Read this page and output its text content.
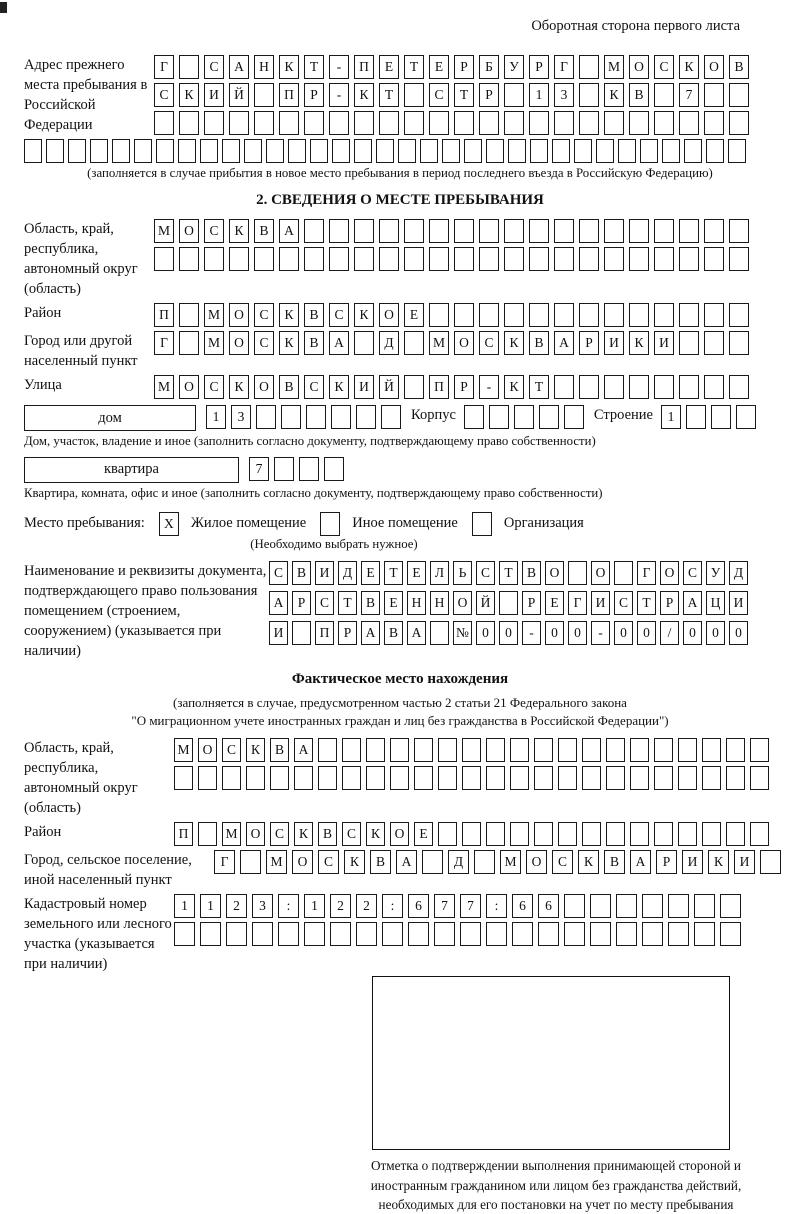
Оборотная сторона первого листа
Адрес прежнего места пребывания в Российской Федерации
Г	С	А	Н	К	Т	-	П	Е	Т	Е	Р	Б	У	Р	Г	М	О	С	К	О	В
С	К	И	Й	П	Р	-	К	Т	С	Т	Р	1	3	К	В	7
(заполняется в случае прибытия в новое место пребывания в период последнего въезда в Российскую Федерацию)
2. СВЕДЕНИЯ О МЕСТЕ ПРЕБЫВАНИЯ
Область, край, республика, автономный округ (область)
М	О	С	К	В	А
Район	П	М	О	С	К	В	С	К	О	Е
Город или другой населенный пункт
Г	М	О	С	К	В	А	Д	М	О	С	К	В	А	Р	И	К	И
Улица	М	О	С	К	О	В	С	К	И	Й	П	Р	-	К	Т
дом	1	3	Корпус	Строение	1
Дом, участок, владение и иное (заполнить согласно документу, подтверждающему право собственности)
квартира	7
Квартира, комната, офис и иное (заполнить согласно документу, подтверждающему право собственности)
Место пребывания:	X	Жилое помещение	Иное помещение	Организация
(Необходимо выбрать нужное)
Наименование и реквизиты документа, подтверждающего право пользования помещением (строением, сооружением) (указывается при наличии)
С	В	И	Д	Е	Т	Е	Л	Ь	С	Т	В	О	О	Г	О	С	У	Д
А	Р	С	Т	В	Е	Н Н О Й	Р	Е	Г	И	С	Т	Р	А Ц И
И	П	Р	А	В	А	№ 0	0	-	0	0	-	0	0	/	0	0	0
Фактическое место нахождения
(заполняется в случае, предусмотренном частью 2 статьи 21 Федерального закона
"О миграционном учете иностранных граждан и лиц без гражданства в Российской Федерации")
Область, край, республика, автономный округ (область)
М О	С	К	В	А
Район	П	М О	С	К	В	С	К	О	Е
Город, сельское поселение, иной населенный пункт
Г	М	О	С	К	В	А	Д	М	О	С	К	В	А	Р	И	К	И
Кадастровый номер земельного или лесного участка (указывается при наличии)
1	1	2	3	:	1	2	2	:	6	7	7	:	6	6
Отметка о подтверждении выполнения принимающей стороной и иностранным гражданином или лицом без гражданства действий, необходимых для его постановки на учет по месту пребывания
